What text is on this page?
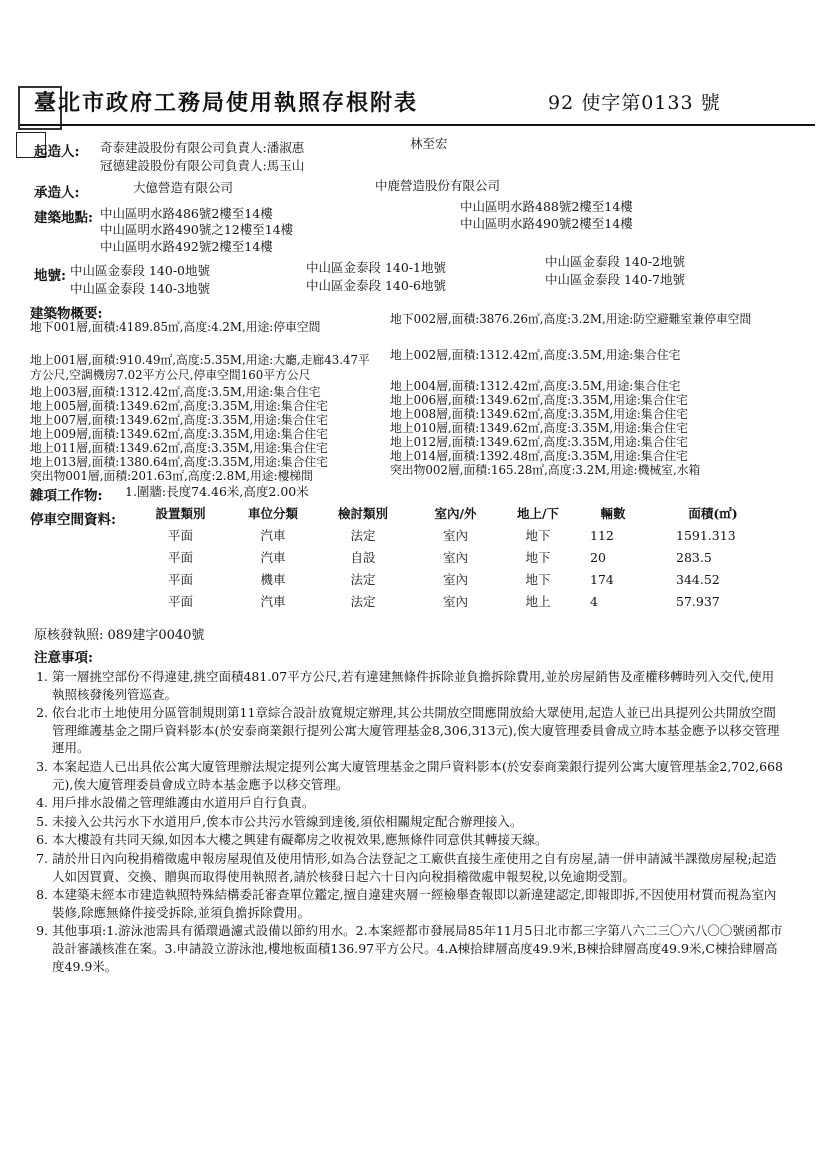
臺北市政府工務局使用執照存根附表	92 使字第0133 號
起造人: 奇泰建設股份有限公司負責人:潘淑惠
冠德建設股份有限公司負責人:馬玉山
林至宏
承造人:	大億營造有限公司	中鹿營造股份有限公司
建築地點: 中山區明水路486號2樓至14樓
中山區明水路490號之12樓至14樓
中山區明水路492號2樓至14樓
中山區明水路488號2樓至14樓
中山區明水路490號2樓至14樓
地號: 中山區金泰段 140-0地號	中山區金泰段 140-1地號	中山區金泰段 140-2地號
中山區金泰段 140-3地號	中山區金泰段 140-6地號	中山區金泰段 140-7地號
建築物概要:
地下001層,面積:4189.85㎡,高度:4.2M,用途:停車空間
地下002層,面積:3876.26㎡,高度:3.2M,用途:防空避難室兼停車空間
地上001層,面積:910.49㎡,高度:5.35M,用途:大廳,走廊43.47平
方公尺,空調機房7.02平方公尺,停車空間160平方公尺
地上002層,面積:1312.42㎡,高度:3.5M,用途:集合住宅
地上003層,面積:1312.42㎡,高度:3.5M,用途:集合住宅
地上005層,面積:1349.62㎡,高度:3.35M,用途:集合住宅
地上007層,面積:1349.62㎡,高度:3.35M,用途:集合住宅
地上009層,面積:1349.62㎡,高度:3.35M,用途:集合住宅
地上011層,面積:1349.62㎡,高度:3.35M,用途:集合住宅
地上013層,面積:1380.64㎡,高度:3.35M,用途:集合住宅
突出物001層,面積:201.63㎡,高度:2.8M,用途:樓梯間
地上004層,面積:1312.42㎡,高度:3.5M,用途:集合住宅
地上006層,面積:1349.62㎡,高度:3.35M,用途:集合住宅
地上008層,面積:1349.62㎡,高度:3.35M,用途:集合住宅
地上010層,面積:1349.62㎡,高度:3.35M,用途:集合住宅
地上012層,面積:1349.62㎡,高度:3.35M,用途:集合住宅
地上014層,面積:1392.48㎡,高度:3.35M,用途:集合住宅
突出物002層,面積:165.28㎡,高度:3.2M,用途:機械室,水箱
雜項工作物: 1.圍牆:長度74.46米,高度2.00米
停車空間資料:	設置類別	車位分類	檢討類別	室內/外	地上/下	輛數	面積(㎡)
平面	汽車	法定	室內	地下	112	1591.313
平面	汽車	自設	室內	地下	20	283.5
平面	機車	法定	室內	地下	174	344.52
平面	汽車	法定	室內	地上	4	57.937
原核發執照: 089建字0040號
注意事項:
1. 第一層挑空部份不得違建,挑空面積481.07平方公尺,若有違建無條件拆除並負擔拆除費用,並於房屋銷售及產權移轉時列入交代,使用執照核發後列管巡查。
2. 依台北市土地使用分區管制規則第11章綜合設計放寬規定辦理,其公共開放空間應開放給大眾使用,起造人並已出具提列公共開放空間管理維護基金之開戶資料影本(於安泰商業銀行提列公寓大廈管理基金8,306,313元),俟大廈管理委員會成立時本基金應予以移交管理運用。
3. 本案起造人已出具依公寓大廈管理辦法規定提列公寓大廈管理基金之開戶資料影本(於安泰商業銀行提列公寓大廈管理基金2,702,668元),俟大廈管理委員會成立時本基金應予以移交管理。
4. 用戶排水設備之管理維護由水道用戶自行負責。
5. 未接入公共污水下水道用戶,俟本市公共污水管線到達後,須依相關規定配合辦理接入。
6. 本大樓設有共同天線,如因本大樓之興建有礙鄰房之收視效果,應無條件同意供其轉接天線。
7. 請於卅日內向稅捐稽徵處申報房屋現值及使用情形,如為合法登記之工廠供直接生產使用之自有房屋,請一併申請減半課徵房屋稅;起造人如因買賣、交換、贈與而取得使用執照者,請於核發日起六十日內向稅捐稽徵處申報契稅,以免逾期受罰。
8. 本建築未經本市建造執照特殊結構委託審查單位鑑定,擅自違建夾層一經檢舉查報即以新違建認定,即報即拆,不因使用材質而視為室內裝修,除應無條件接受拆除,並須負擔拆除費用。
9. 其他事項:1.游泳池需具有循環過濾式設備以節約用水。2.本案經都市發展局85年11月5日北市都三字第八六二三〇六八〇〇號函都市設計審議核准在案。3.申請設立游泳池,樓地板面積136.97平方公尺。4.A棟拾肆層高度49.9米,B棟拾肆層高度49.9米,C棟拾肆層高度49.9米。
